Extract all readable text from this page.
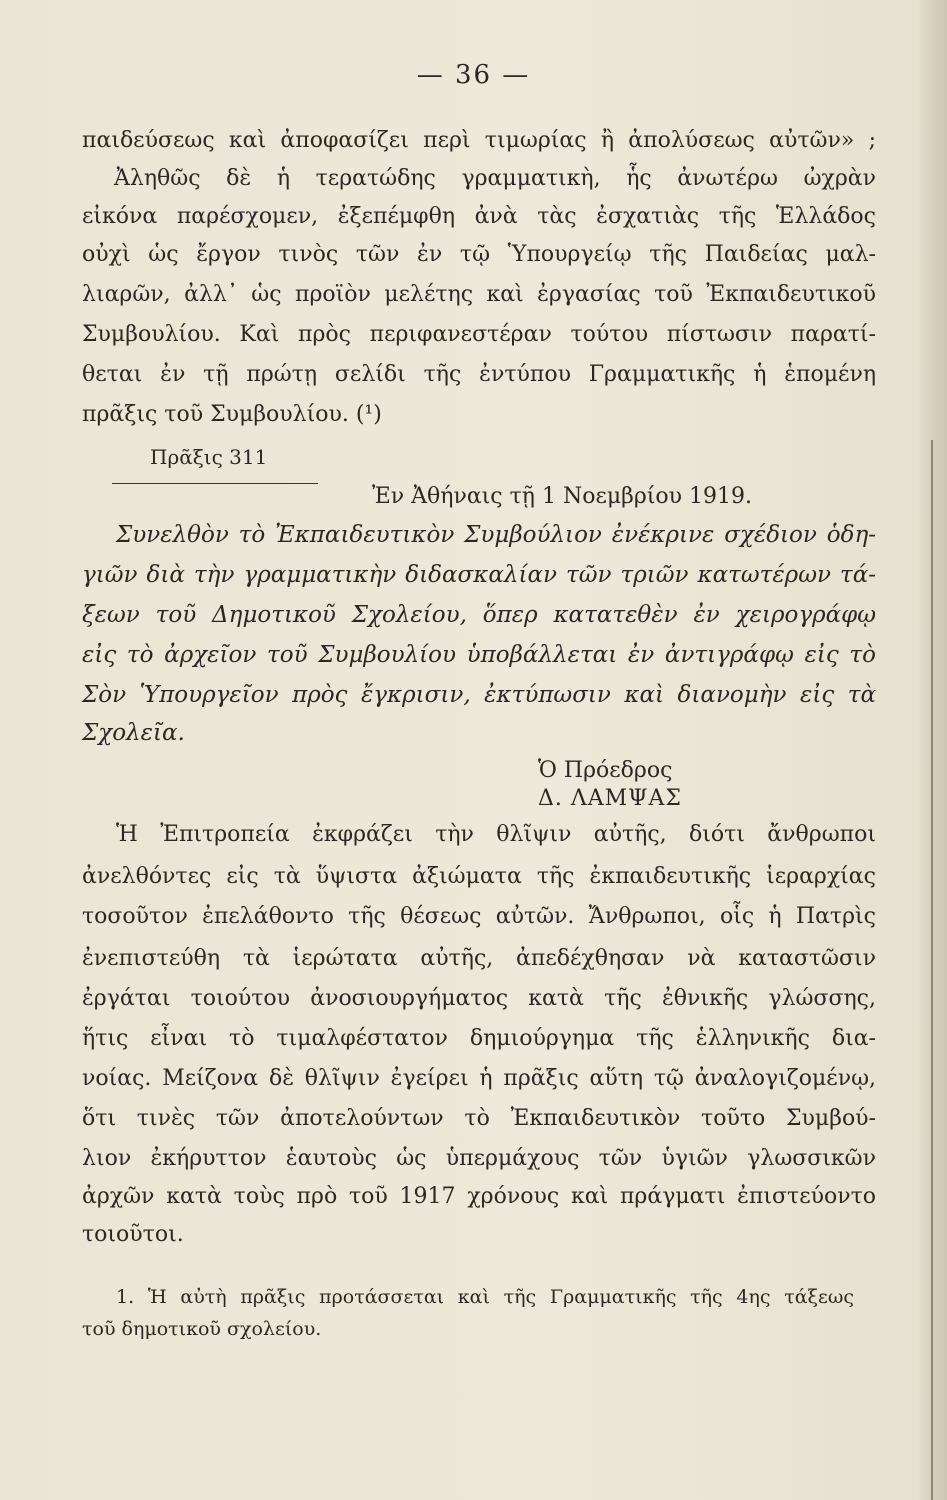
— 36 —
παιδεύσεως καὶ ἀποφασίζει περὶ τιμωρίας ἢ ἀπολύσεως αὐτῶν» ;
Ἀληθῶς δὲ ἡ τερατώδης γραμματικὴ, ἧς ἀνωτέρω ὠχρὰν
εἰκόνα παρέσχομεν, ἐξεπέμφθη ἀνὰ τὰς ἐσχατιὰς τῆς Ἑλλάδος
οὐχὶ ὡς ἔργον τινὸς τῶν ἐν τῷ Ὑπουργείῳ τῆς Παιδείας μαλ-
λιαρῶν, ἀλλ᾽ ὡς προϊὸν μελέτης καὶ ἐργασίας τοῦ Ἐκπαιδευτικοῦ
Συμβουλίου. Καὶ πρὸς περιφανεστέραν τούτου πίστωσιν παρατί-
θεται ἐν τῇ πρώτῃ σελίδι τῆς ἐντύπου Γραμματικῆς ἡ ἑπομένη
πρᾶξις τοῦ Συμβουλίου. (¹)
Πρᾶξις 311
Ἐν Ἀθήναις τῇ 1 Νοεμβρίου 1919.
Συνελθὸν τὸ Ἐκπαιδευτικὸν Συμβούλιον ἐνέκρινε σχέδιον ὁδη-
γιῶν διὰ τὴν γραμματικὴν διδασκαλίαν τῶν τριῶν κατωτέρων τά-
ξεων τοῦ Δημοτικοῦ Σχολείου, ὅπερ κατατεθὲν ἐν χειρογράφῳ
εἰς τὸ ἀρχεῖον τοῦ Συμβουλίου ὑποβάλλεται ἐν ἀντιγράφῳ εἰς τὸ
Σὸν Ὑπουργεῖον πρὸς ἔγκρισιν, ἐκτύπωσιν καὶ διανομὴν εἰς τὰ
Σχολεῖα.
Ὁ Πρόεδρος
Δ. ΛΑΜΨΑΣ
Ἡ Ἐπιτροπεία ἐκφράζει τὴν θλῖψιν αὐτῆς, διότι ἄνθρωποι
ἀνελθόντες εἰς τὰ ὕψιστα ἀξιώματα τῆς ἐκπαιδευτικῆς ἱεραρχίας
τοσοῦτον ἐπελάθοντο τῆς θέσεως αὐτῶν. Ἄνθρωποι, οἷς ἡ Πατρὶς
ἐνεπιστεύθη τὰ ἱερώτατα αὐτῆς, ἀπεδέχθησαν νὰ καταστῶσιν
ἐργάται τοιούτου ἀνοσιουργήματος κατὰ τῆς ἐθνικῆς γλώσσης,
ἥτις εἶναι τὸ τιμαλφέστατον δημιούργημα τῆς ἑλληνικῆς δια-
νοίας. Μείζονα δὲ θλῖψιν ἐγείρει ἡ πρᾶξις αὕτη τῷ ἀναλογιζομένῳ,
ὅτι τινὲς τῶν ἀποτελούντων τὸ Ἐκπαιδευτικὸν τοῦτο Συμβού-
λιον ἐκήρυττον ἑαυτοὺς ὡς ὑπερμάχους τῶν ὑγιῶν γλωσσικῶν
ἀρχῶν κατὰ τοὺς πρὸ τοῦ 1917 χρόνους καὶ πράγματι ἐπιστεύοντο
τοιοῦτοι.
1. Ἡ αὐτὴ πρᾶξις προτάσσεται καὶ τῆς Γραμματικῆς τῆς 4ης τάξεως
τοῦ δημοτικοῦ σχολείου.
